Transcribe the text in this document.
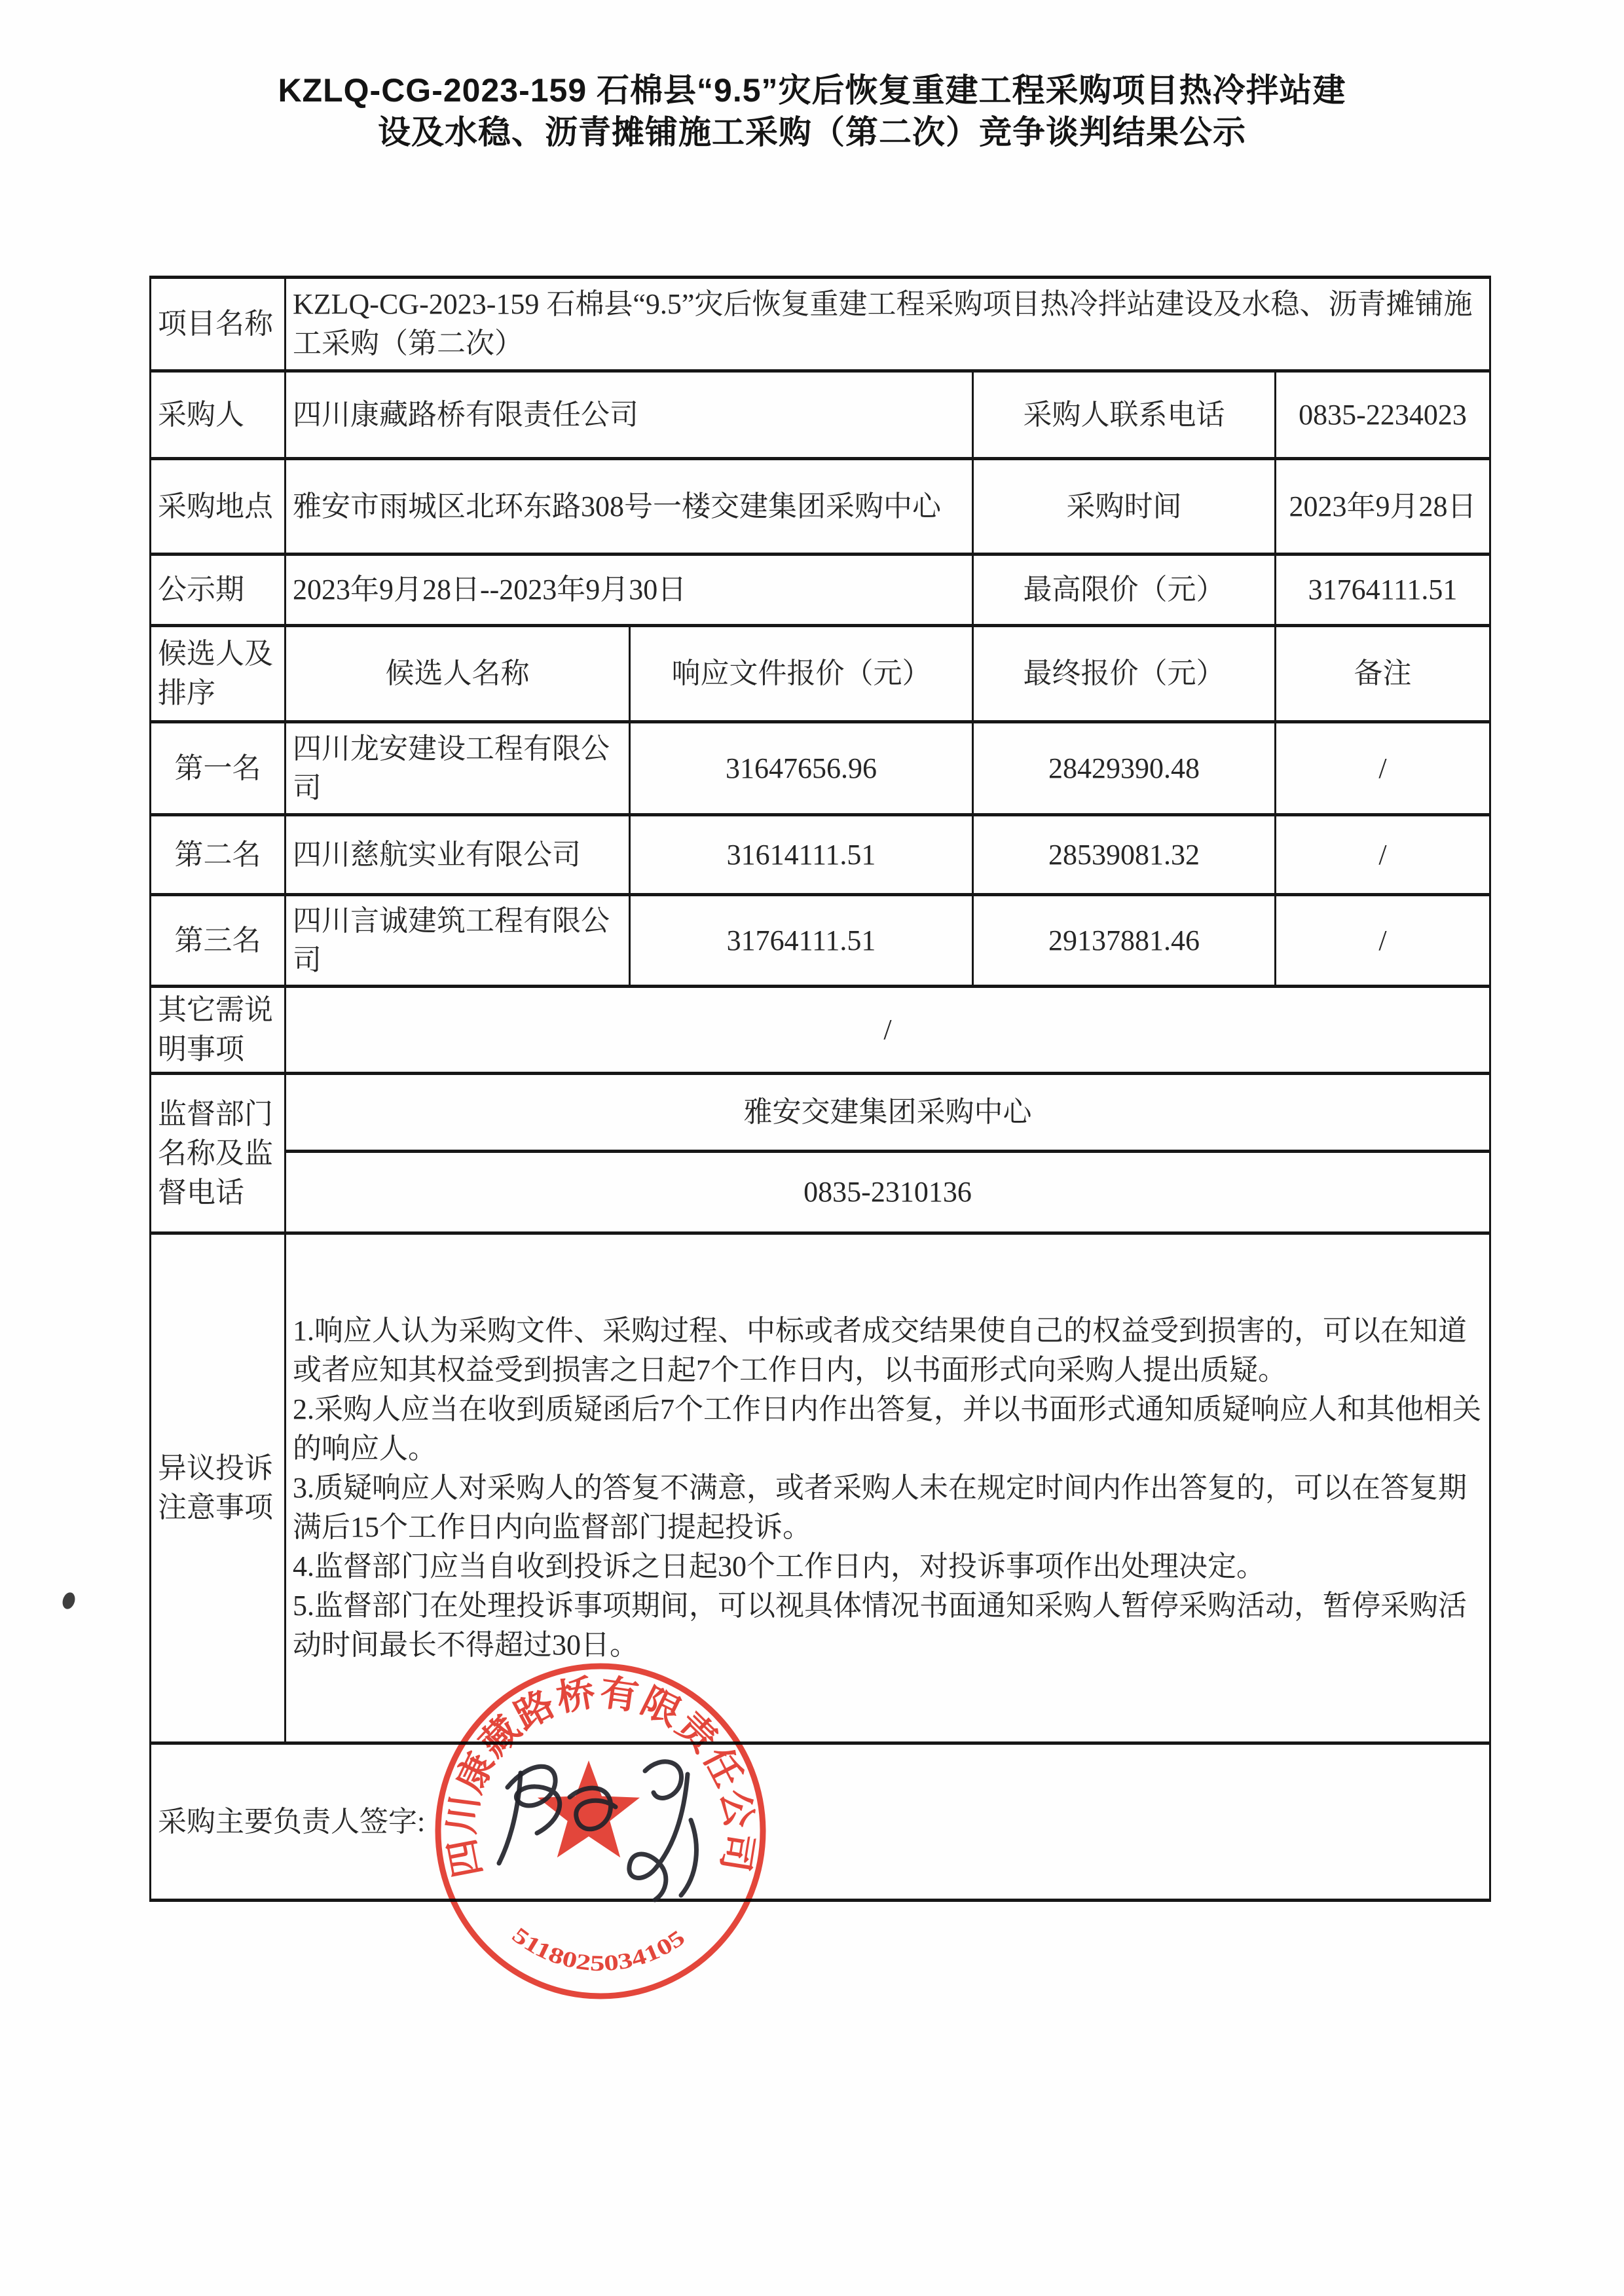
KZLQ-CG-2023-159 石棉县“9.5”灾后恢复重建工程采购项目热冷拌站建
设及水稳、沥青摊铺施工采购（第二次）竞争谈判结果公示
项目名称	KZLQ-CG-2023-159 石棉县“9.5”灾后恢复重建工程采购项目热冷拌站建设及水稳、沥青摊铺施工采购（第二次）			
采购人	四川康藏路桥有限责任公司		采购人联系电话	0835-2234023
采购地点	雅安市雨城区北环东路308号一楼交建集团采购中心		采购时间	2023年9月28日
公示期	2023年9月28日--2023年9月30日		最高限价（元）	31764111.51
候选人及排序	候选人名称	响应文件报价（元）	最终报价（元）	备注
第一名	四川龙安建设工程有限公司	31647656.96	28429390.48	/
第二名	四川慈航实业有限公司	31614111.51	28539081.32	/
第三名	四川言诚建筑工程有限公司	31764111.51	29137881.46	/
其它需说明事项	/			
监督部门名称及监督电话	雅安交建集团采购中心			
	0835-2310136			
异议投诉注意事项	1.响应人认为采购文件、采购过程、中标或者成交结果使自己的权益受到损害的，可以在知道或者应知其权益受到损害之日起7个工作日内，以书面形式向采购人提出质疑。

2.采购人应当在收到质疑函后7个工作日内作出答复，并以书面形式通知质疑响应人和其他相关的响应人。

3.质疑响应人对采购人的答复不满意，或者采购人未在规定时间内作出答复的，可以在答复期满后15个工作日内向监督部门提起投诉。

4.监督部门应当自收到投诉之日起30个工作日内，对投诉事项作出处理决定。

5.监督部门在处理投诉事项期间，可以视具体情况书面通知采购人暂停采购活动，暂停采购活动时间最长不得超过30日。			

采购主要负责人签字:				
四川康藏路桥有限责任公司
5118025034105
